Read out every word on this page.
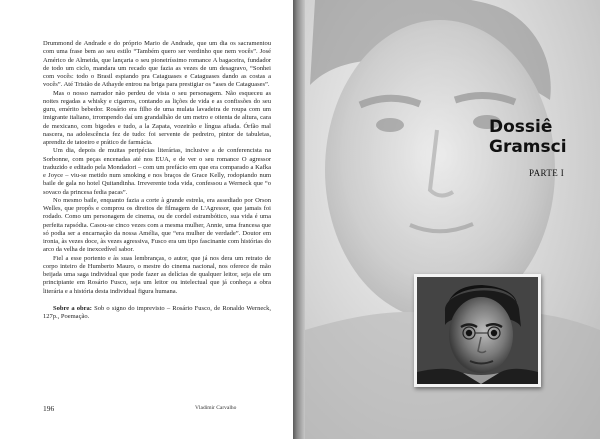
Drummond de Andrade e do próprio Mario de Andrade, que um dia os sacramentou com uma frase bem ao seu estilo “Também quero ser verdinho que nem vocês”. José Américo de Almeida, que lançaria o seu pioneiríssimo romance A bagaceira, fundador de todo um ciclo, mandara um recado que fazia as vezes de um desagravo, “Sonhei com vocês: todo o Brasil espiando pra Cataguases e Cataguases dando as costas a vocês”. Até Tristão de Athayde entrou na briga para prestigiar os “ases de Cataguases”.

Mas o nosso narrador não perdeu de vista o seu personagem. Não esqueceu as noites regadas a whisky e cigarros, contando as lições de vida e as confissões do seu guru, emérito bebedor. Rosário era filho de uma mulata lavadeira de roupa com um imigrante italiano, irrompendo daí um grandalhão de um metro e oitenta de altura, cara de mexicano, com bigodes e tudo, a la Zapata, vozeirão e língua afiada. Órfão mal nascera, na adolescência fez de tudo: foi servente de pedreiro, pintor de tabuletas, aprendiz de tatoeiro e prático de farmácia.

Um dia, depois de muitas peripécias literárias, inclusive a de conferencista na Sorbonne, com peças encenadas até nos EUA, e de ver o seu romance O agressor traduzido e editado pela Mondadori – com um prefácio em que era comparado a Kafka e Joyce – viu-se metido num smoking e nos braços de Grace Kelly, rodopiando num baile de gala no hotel Quitandinha. Irreverente toda vida, confessou a Werneck que “o sovaco da princesa fedia pacas”.

No mesmo baile, enquanto fazia a corte à grande estrela, era assediado por Orson Welles, que propôs e comprou os direitos de filmagem de L'Agressor, que jamais foi rodado. Como um personagem de cinema, ou de cordel estrambótico, sua vida é uma perfeita rapsódia. Casou-se cinco vezes com a mesma mulher, Annie, uma francesa que só podia ser a encarnação da nossa Amélia, que “era mulher de verdade”. Doutor em ironia, às vezes doce, às vezes agressiva, Fusco era um tipo fascinante com histórias do arco da velha de inexcedível sabor.

Fiel a esse portento e às suas lembranças, o autor, que já nos dera um retrato de corpo inteiro de Humberto Mauro, o mestre do cinema nacional, nos oferece de mão beijada uma saga individual que pode fazer as delícias de qualquer leitor, seja ele um principiante em Rosário Fusco, seja um leitor ou intelectual que já conheça a obra literária e a história desta individual figura humana.

Sobre a obra: Sob o signo do imprevisto – Rosário Fusco, de Ronaldo Werneck, 127p., Poemação.

196	Vladimir Carvalho
Dossiê
Gramsci
PARTE I
